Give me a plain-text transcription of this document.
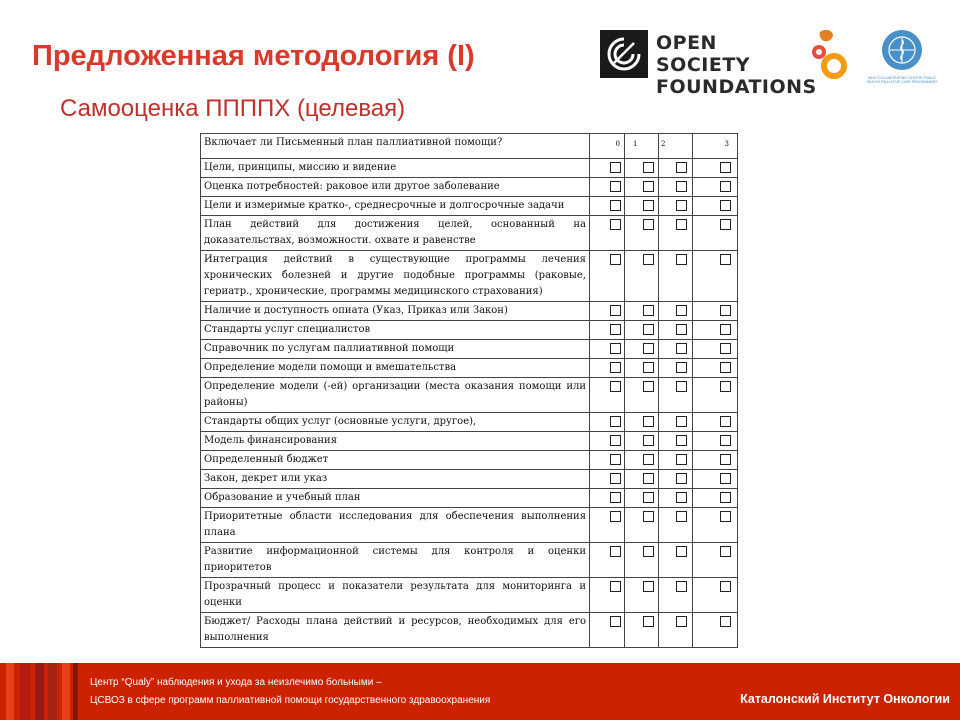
Предложенная методология (I)
Самооценка ППППХ (целевая)
OPEN SOCIETY
FOUNDATIONS	WHO COLLABORATING CENTRE PUBLIC HEALTH PALLIATIVE CARE PROGRAMMES
Включает ли Письменный план паллиативной помощи?	0	1	2	3

Цели, принципы, миссию и видение	

Оценка потребностей: раковое или другое заболевание	

Цели и измеримые кратко-, среднесрочные и долгосрочные задачи	

План действий для достижения целей, основанный на доказательствах, возможности. охвате и равенстве	

Интеграция действий в существующие программы лечения хронических болезней и другие подобные программы (раковые, гериатр., хронические, программы медицинского страхования)	

Наличие и доступность опиата (Указ, Приказ или Закон)	

Стандарты услуг специалистов	

Справочник по услугам паллиативной помощи	

Определение модели помощи и вмешательства	

Определение модели (-ей) организации (места оказания помощи или районы)	

Стандарты общих услуг (основные услуги, другое),	

Модель финансирования	

Определенный бюджет	

Закон, декрет или указ	

Образование и учебный план	

Приоритетные области исследования для обеспечения выполнения плана	

Развитие информационной системы для контроля и оценки приоритетов	

Прозрачный процесс и показатели результата для мониторинга и оценки	

Бюджет/ Расходы плана действий и ресурсов, необходимых для его выполнения	

Центр “Qualy” наблюдения и ухода за неизлечимо больными –
ЦСВОЗ в сфере программ паллиативной помощи государственного здравоохранения	Каталонский Институт Онкологии
